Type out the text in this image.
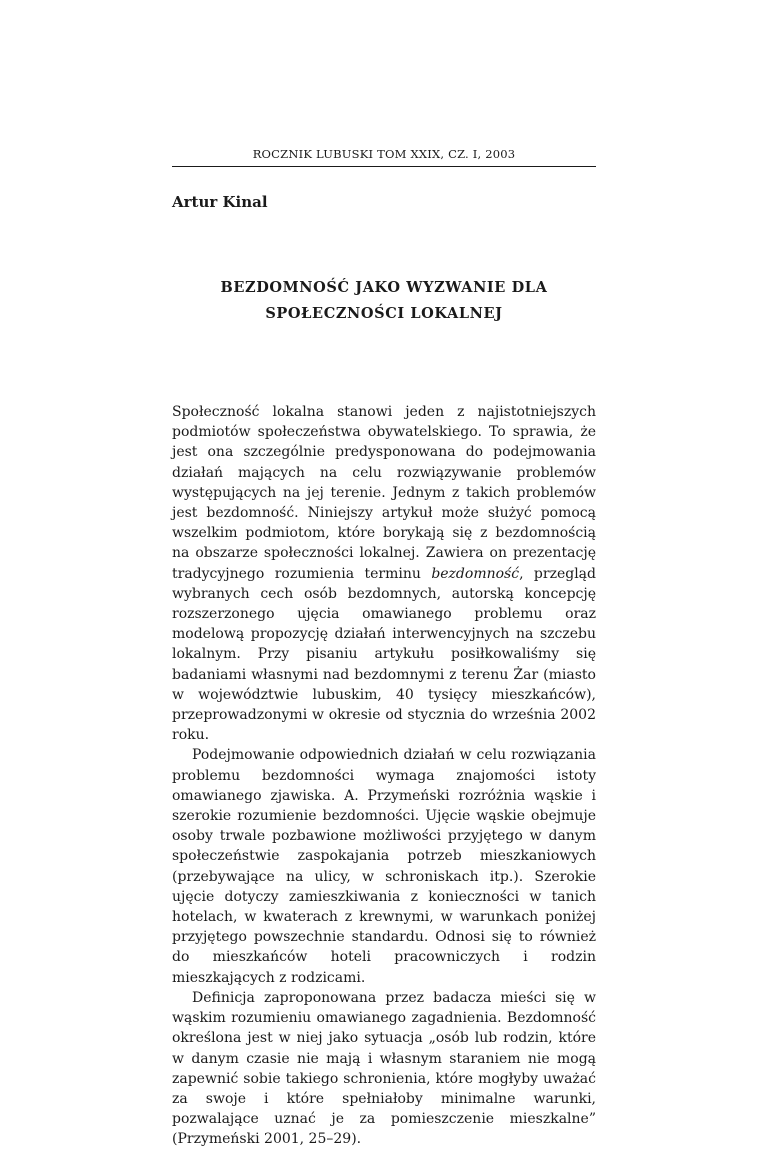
ROCZNIK LUBUSKI TOM XXIX, CZ. I, 2003
Artur Kinal
BEZDOMNOŚĆ JAKO WYZWANIE DLA
SPOŁECZNOŚCI LOKALNEJ

Społeczność lokalna stanowi jeden z najistotniejszych podmiotów społeczeństwa obywatelskiego. To sprawia, że jest ona szczególnie predysponowana do podejmowania działań mających na celu rozwiązywanie problemów występujących na jej terenie. Jednym z takich problemów jest bezdomność. Niniejszy artykuł może służyć pomocą wszelkim podmiotom, które borykają się z bezdomnością na obszarze społeczności lokalnej. Zawiera on prezentację tradycyjnego rozumienia terminu bezdomność, przegląd wybranych cech osób bezdomnych, autorską koncepcję rozszerzonego ujęcia omawianego problemu oraz modelową propozycję działań interwencyjnych na szczebu lokalnym. Przy pisaniu artykułu posiłkowaliśmy się badaniami własnymi nad bezdomnymi z terenu Żar (miasto w województwie lubuskim, 40 tysięcy mieszkańców), przeprowadzonymi w okresie od stycznia do września 2002 roku.

Podejmowanie odpowiednich działań w celu rozwiązania problemu bezdomności wymaga znajomości istoty omawianego zjawiska. A. Przymeński rozróżnia wąskie i szerokie rozumienie bezdomności. Ujęcie wąskie obejmuje osoby trwale pozbawione możliwości przyjętego w danym społeczeństwie zaspokajania potrzeb mieszkaniowych (przebywające na ulicy, w schroniskach itp.). Szerokie ujęcie dotyczy zamieszkiwania z konieczności w tanich hotelach, w kwaterach z krewnymi, w warunkach poniżej przyjętego powszechnie standardu. Odnosi się to również do mieszkańców hoteli pracowniczych i rodzin mieszkających z rodzicami.

Definicja zaproponowana przez badacza mieści się w wąskim rozumieniu omawianego zagadnienia. Bezdomność określona jest w niej jako sytuacja „osób lub rodzin, które w danym czasie nie mają i własnym staraniem nie mogą zapewnić sobie takiego schronienia, które mogłyby uważać za swoje i które spełniałoby minimalne warunki, pozwalające uznać je za pomieszczenie mieszkalne” (Przymeński 2001, 25–29).
